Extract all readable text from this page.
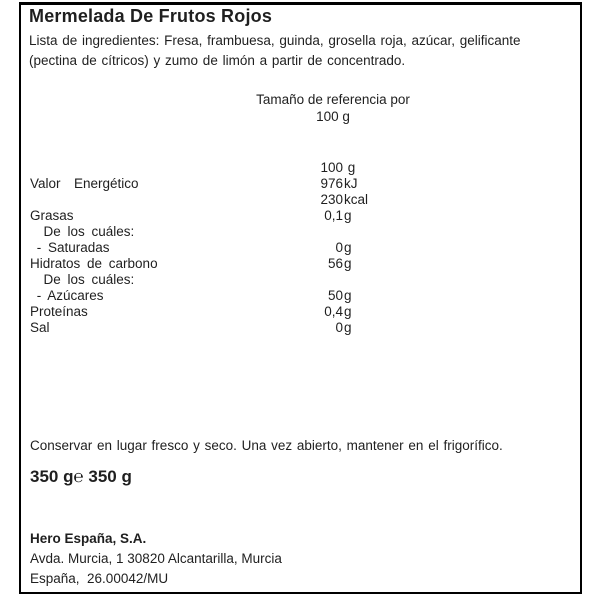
Mermelada De Frutos Rojos
Lista de ingredientes: Fresa, frambuesa, guinda, grosella roja, azúcar, gelificante (pectina de cítricos) y zumo de limón a partir de concentrado.
Tamaño de referencia por
100 g
100 g
Valor  Energético	976 kJ
230 kcal
Grasas	0,1 g
De los cuáles:
- Saturadas	0 g
Hidratos de carbono	56 g
De los cuáles:
- Azúcares	50 g
Proteínas	0,4 g
Sal	0 g
Conservar en lugar fresco y seco. Una vez abierto, mantener en el frigorífico.
350 g℮ 350 g
Hero España, S.A.
Avda. Murcia, 1 30820 Alcantarilla, Murcia
España,  26.00042/MU
